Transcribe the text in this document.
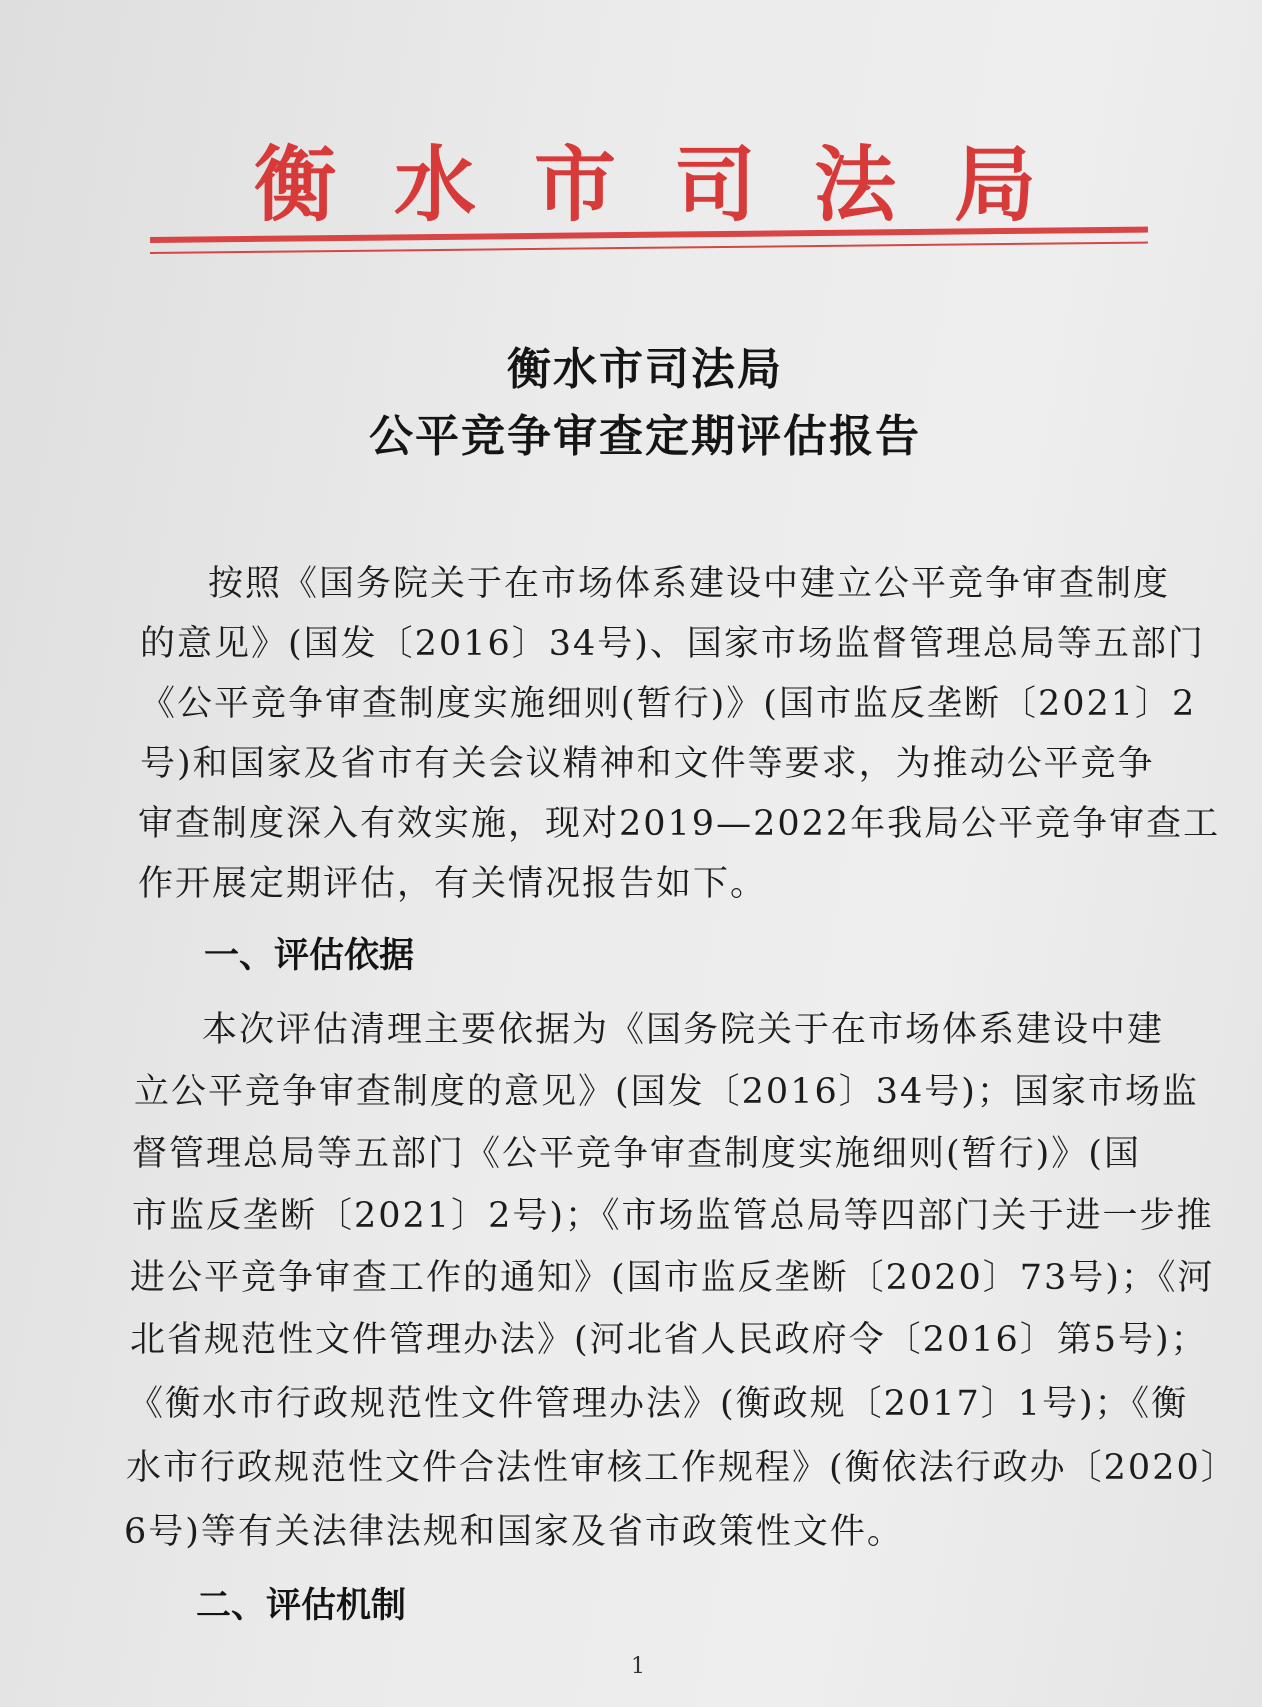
衡水市司法局
衡水市司法局
公平竞争审查定期评估报告
按照《国务院关于在市场体系建设中建立公平竞争审查制度
的意见》(国发〔2016〕34号)、国家市场监督管理总局等五部门
《公平竞争审查制度实施细则(暂行)》(国市监反垄断〔2021〕2
号)和国家及省市有关会议精神和文件等要求，为推动公平竞争
审查制度深入有效实施，现对2019—2022年我局公平竞争审查工
作开展定期评估，有关情况报告如下。
一、评估依据
本次评估清理主要依据为《国务院关于在市场体系建设中建
立公平竞争审查制度的意见》(国发〔2016〕34号)；国家市场监
督管理总局等五部门《公平竞争审查制度实施细则(暂行)》(国
市监反垄断〔2021〕2号)；《市场监管总局等四部门关于进一步推
进公平竞争审查工作的通知》(国市监反垄断〔2020〕73号)；《河
北省规范性文件管理办法》(河北省人民政府令〔2016〕第5号)；
《衡水市行政规范性文件管理办法》(衡政规〔2017〕1号)；《衡
水市行政规范性文件合法性审核工作规程》(衡依法行政办〔2020〕
6号)等有关法律法规和国家及省市政策性文件。
二、评估机制
1
